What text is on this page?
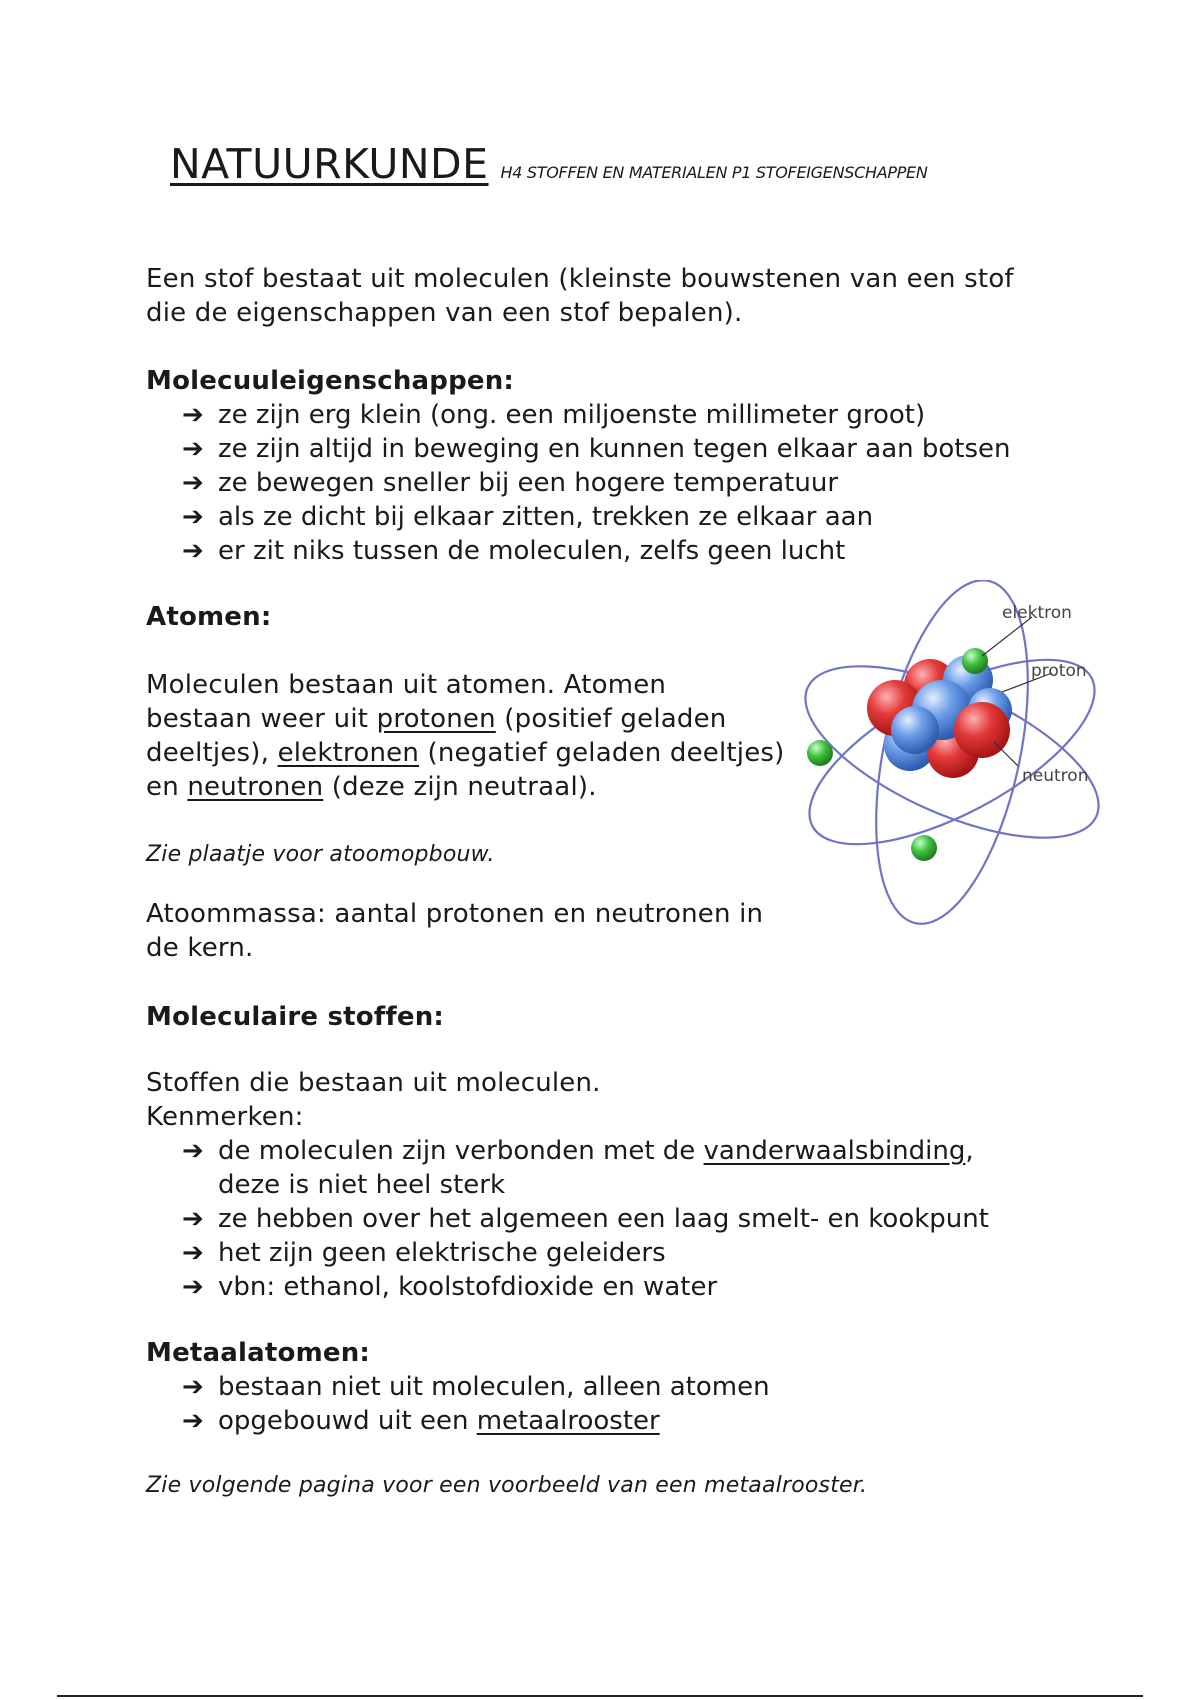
NATUURKUNDE H4 STOFFEN EN MATERIALEN P1 STOFEIGENSCHAPPEN
Een stof bestaat uit moleculen (kleinste bouwstenen van een stof
die de eigenschappen van een stof bepalen).
Molecuuleigenschappen:
➔ ze zijn erg klein (ong. een miljoenste millimeter groot)
➔ ze zijn altijd in beweging en kunnen tegen elkaar aan botsen
➔ ze bewegen sneller bij een hogere temperatuur
➔ als ze dicht bij elkaar zitten, trekken ze elkaar aan
➔ er zit niks tussen de moleculen, zelfs geen lucht
Atomen:
Moleculen bestaan uit atomen. Atomen
bestaan weer uit protonen (positief geladen
deeltjes), elektronen (negatief geladen deeltjes)
en neutronen (deze zijn neutraal).
Zie plaatje voor atoomopbouw.
Atoommassa: aantal protonen en neutronen in
de kern.
elektron
proton
neutron
Moleculaire stoffen:
Stoffen die bestaan uit moleculen.
Kenmerken:
➔ de moleculen zijn verbonden met de vanderwaalsbinding,
deze is niet heel sterk
➔ ze hebben over het algemeen een laag smelt- en kookpunt
➔ het zijn geen elektrische geleiders
➔ vbn: ethanol, koolstofdioxide en water
Metaalatomen:
➔ bestaan niet uit moleculen, alleen atomen
➔ opgebouwd uit een metaalrooster
Zie volgende pagina voor een voorbeeld van een metaalrooster.
